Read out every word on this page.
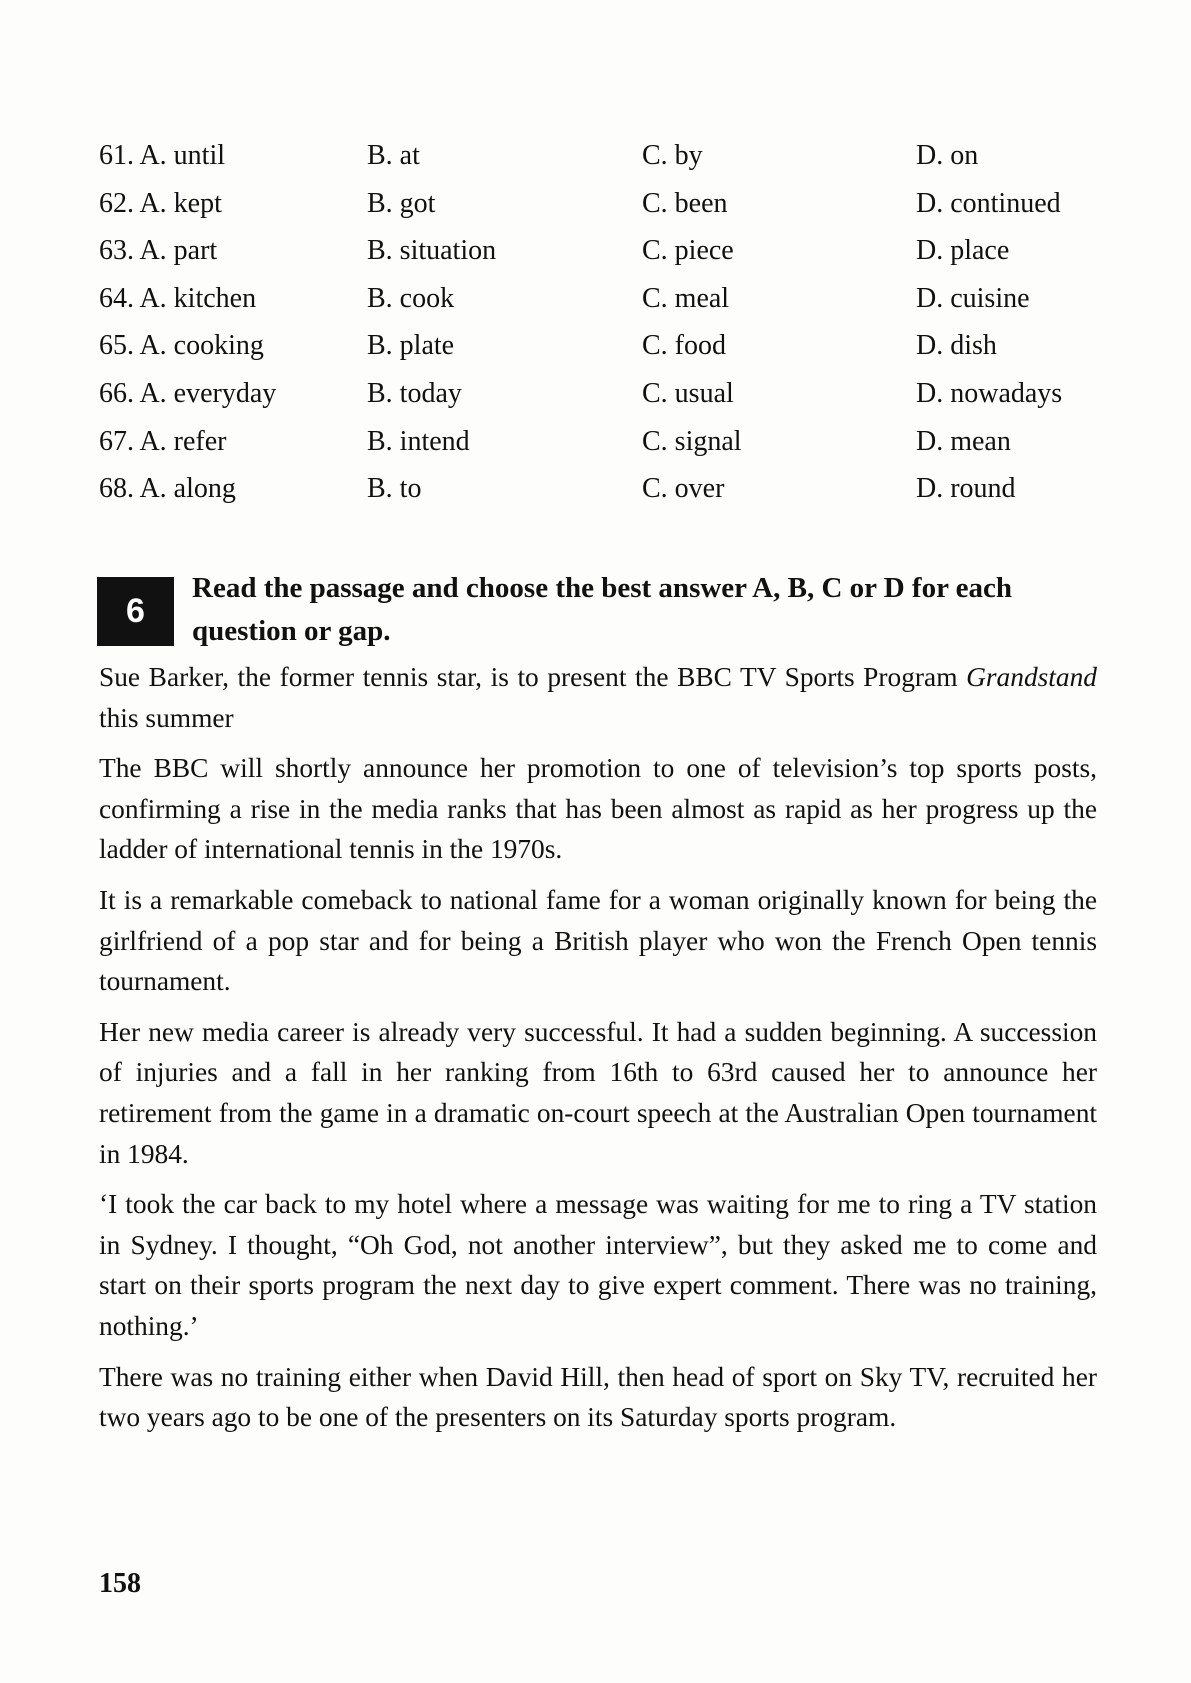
61. A. until	B. at	C. by	D. on
62. A. kept	B. got	C. been	D. continued
63. A. part	B. situation	C. piece	D. place
64. A. kitchen	B. cook	C. meal	D. cuisine
65. A. cooking	B. plate	C. food	D. dish
66. A. everyday	B. today	C. usual	D. nowadays
67. A. refer	B. intend	C. signal	D. mean
68. A. along	B. to	C. over	D. round
6

Read the passage and choose the best answer A, B, C or D for each question or gap.

Sue Barker, the former tennis star, is to present the BBC TV Sports Program Grandstand this summer

The BBC will shortly announce her promotion to one of television’s top sports posts, confirming a rise in the media ranks that has been almost as rapid as her progress up the ladder of international tennis in the 1970s.

It is a remarkable comeback to national fame for a woman originally known for being the girlfriend of a pop star and for being a British player who won the French Open tennis tournament.

Her new media career is already very successful. It had a sudden beginning. A succession of injuries and a fall in her ranking from 16th to 63rd caused her to announce her retirement from the game in a dramatic on-court speech at the Australian Open tournament in 1984.

‘I took the car back to my hotel where a message was waiting for me to ring a TV station in Sydney. I thought, “Oh God, not another interview”, but they asked me to come and start on their sports program the next day to give expert comment. There was no training, nothing.’

There was no training either when David Hill, then head of sport on Sky TV, recruited her two years ago to be one of the presenters on its Saturday sports program.

158
